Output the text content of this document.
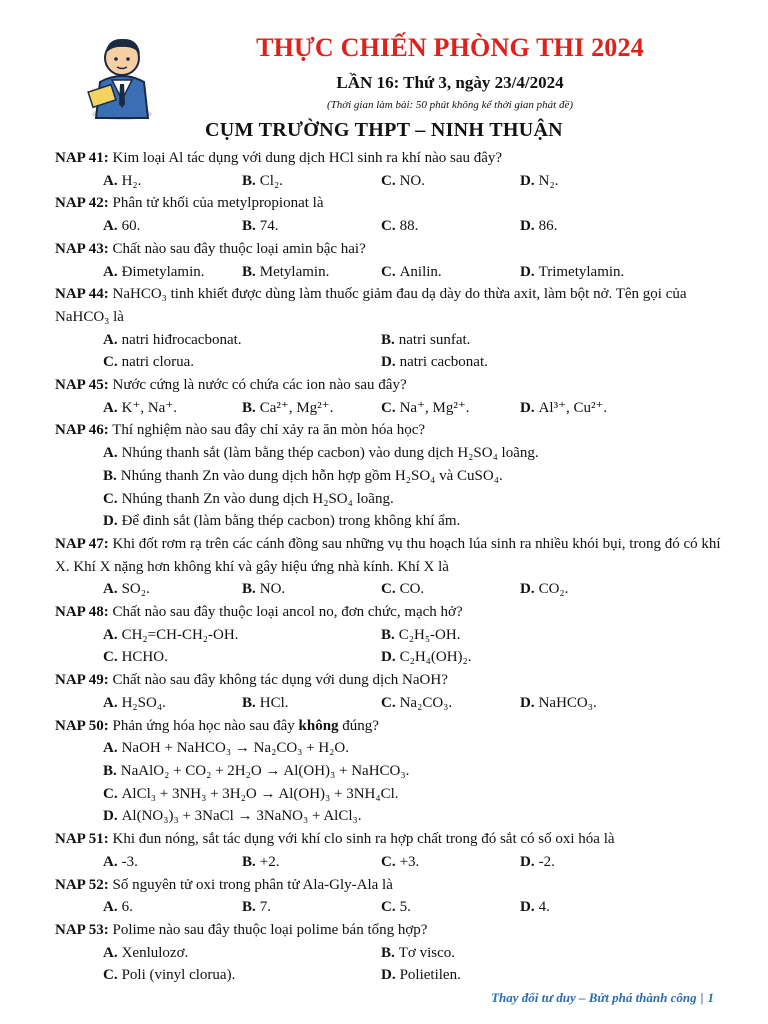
THỰC CHIẾN PHÒNG THI 2024
LẦN 16: Thứ 3, ngày 23/4/2024
(Thời gian làm bài: 50 phút không kể thời gian phát đề)
CỤM TRƯỜNG THPT – NINH THUẬN
NAP 41: Kim loại Al tác dụng với dung dịch HCl sinh ra khí nào sau đây?
A. H₂.	B. Cl₂.	C. NO.	D. N₂.
NAP 42: Phân tử khối của metylpropionat là
A. 60.	B. 74.	C. 88.	D. 86.
NAP 43: Chất nào sau đây thuộc loại amin bậc hai?
A. Đimetylamin.	B. Metylamin.	C. Anilin.	D. Trimetylamin.
NAP 44: NaHCO₃ tinh khiết được dùng làm thuốc giảm đau dạ dày do thừa axit, làm bột nở. Tên gọi của NaHCO₃ là
A. natri hiđrocacbonat.	B. natri sunfat.
C. natri clorua.	D. natri cacbonat.
NAP 45: Nước cứng là nước có chứa các ion nào sau đây?
A. K⁺, Na⁺.	B. Ca²⁺, Mg²⁺.	C. Na⁺, Mg²⁺.	D. Al³⁺, Cu²⁺.
NAP 46: Thí nghiệm nào sau đây chỉ xảy ra ăn mòn hóa học?
A. Nhúng thanh sắt (làm bằng thép cacbon) vào dung dịch H₂SO₄ loãng.
B. Nhúng thanh Zn vào dung dịch hỗn hợp gồm H₂SO₄ và CuSO₄.
C. Nhúng thanh Zn vào dung dịch H₂SO₄ loãng.
D. Để đinh sắt (làm bằng thép cacbon) trong không khí ẩm.
NAP 47: Khi đốt rơm rạ trên các cánh đồng sau những vụ thu hoạch lúa sinh ra nhiều khói bụi, trong đó có khí X. Khí X nặng hơn không khí và gây hiệu ứng nhà kính. Khí X là
A. SO₂.	B. NO.	C. CO.	D. CO₂.
NAP 48: Chất nào sau đây thuộc loại ancol no, đơn chức, mạch hở?
A. CH₂=CH-CH₂-OH.	B. C₂H₅-OH.
C. HCHO.	D. C₂H₄(OH)₂.
NAP 49: Chất nào sau đây không tác dụng với dung dịch NaOH?
A. H₂SO₄.	B. HCl.	C. Na₂CO₃.	D. NaHCO₃.
NAP 50: Phản ứng hóa học nào sau đây không đúng?
A. NaOH + NaHCO₃ → Na₂CO₃ + H₂O.
B. NaAlO₂ + CO₂ + 2H₂O → Al(OH)₃ + NaHCO₃.
C. AlCl₃ + 3NH₃ + 3H₂O → Al(OH)₃ + 3NH₄Cl.
D. Al(NO₃)₃ + 3NaCl → 3NaNO₃ + AlCl₃.
NAP 51: Khi đun nóng, sắt tác dụng với khí clo sinh ra hợp chất trong đó sắt có số oxi hóa là
A. -3.	B. +2.	C. +3.	D. -2.
NAP 52: Số nguyên tử oxi trong phân tử Ala-Gly-Ala là
A. 6.	B. 7.	C. 5.	D. 4.
NAP 53: Polime nào sau đây thuộc loại polime bán tổng hợp?
A. Xenlulozơ.	B. Tơ visco.
C. Poli (vinyl clorua).	D. Polietilen.
Thay đổi tư duy – Bứt phá thành công | 1
